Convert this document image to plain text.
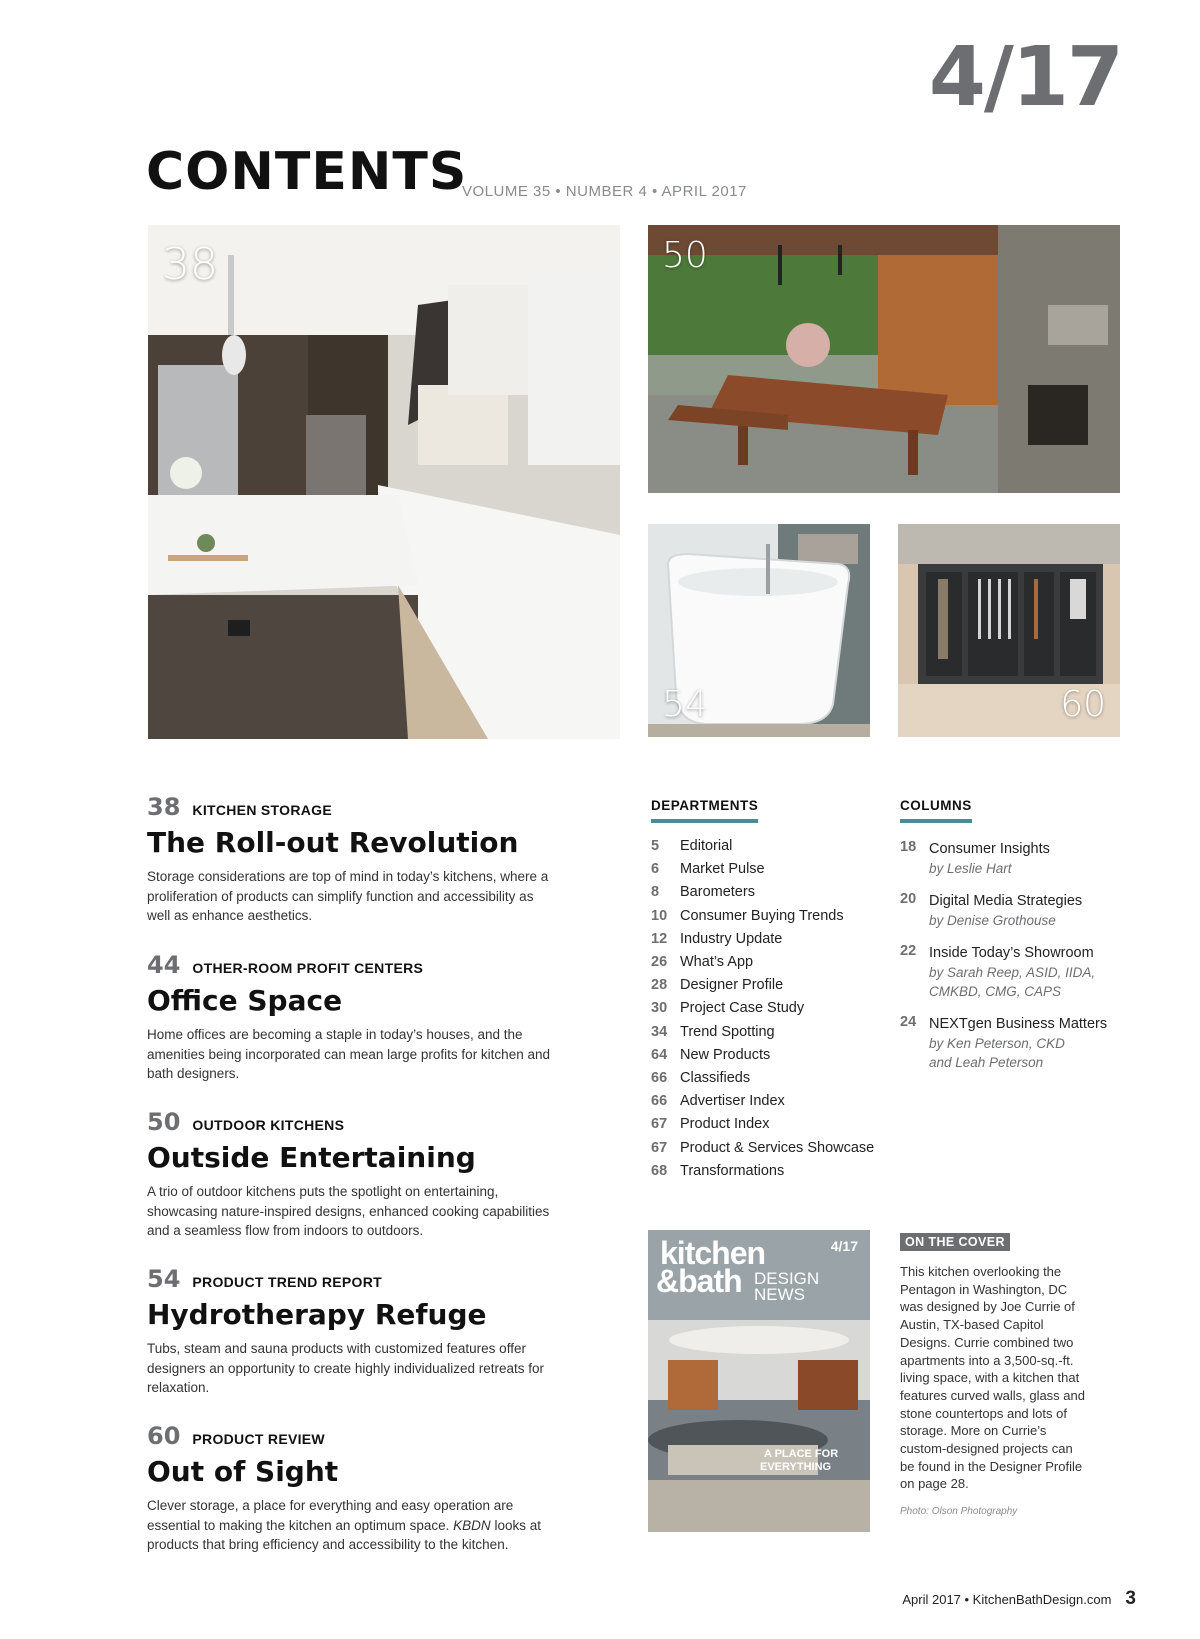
4/17
CONTENTS
VOLUME 35 • NUMBER 4 • APRIL 2017
38	50
54	60
38 KITCHEN STORAGE
The Roll-out Revolution
Storage considerations are top of mind in today’s kitchens, where a proliferation of products can simplify function and accessibility as well as enhance aesthetics.
44 OTHER-ROOM PROFIT CENTERS
Office Space
Home offices are becoming a staple in today’s houses, and the amenities being incorporated can mean large profits for kitchen and bath designers.
50 OUTDOOR KITCHENS
Outside Entertaining
A trio of outdoor kitchens puts the spotlight on entertaining, showcasing nature-inspired designs, enhanced cooking capabilities and a seamless flow from indoors to outdoors.
54 PRODUCT TREND REPORT
Hydrotherapy Refuge
Tubs, steam and sauna products with customized features offer designers an opportunity to create highly individualized retreats for relaxation.
60 PRODUCT REVIEW
Out of Sight
Clever storage, a place for everything and easy operation are essential to making the kitchen an optimum space. KBDN looks at products that bring efficiency and accessibility to the kitchen.
DEPARTMENTS
5	Editorial
6	Market Pulse
8	Barometers
10 Consumer Buying Trends
12 Industry Update
26 What’s App
28 Designer Profile
30 Project Case Study
34 Trend Spotting
64 New Products
66 Classifieds
66 Advertiser Index
67 Product Index
67 Product & Services Showcase
68 Transformations
COLUMNS
18 Consumer Insights
by Leslie Hart
20 Digital Media Strategies
by Denise Grothouse
22 Inside Today’s Showroom
by Sarah Reep, ASID, IIDA,
CMKBD, CMG, CAPS
24 NEXTgen Business Matters
by Ken Peterson, CKD
and Leah Peterson
kitchen
&bath DESIGN
NEWS
4/17
A PLACE FOR
EVERYTHING
ON THE COVER
This kitchen overlooking the Pentagon in Washington, DC was designed by Joe Currie of Austin, TX-based Capitol Designs. Currie combined two apartments into a 3,500-sq.-ft. living space, with a kitchen that features curved walls, glass and stone countertops and lots of storage. More on Currie’s custom-designed projects can be found in the Designer Profile on page 28.
Photo: Olson Photography
April 2017 • KitchenBathDesign.com 3
